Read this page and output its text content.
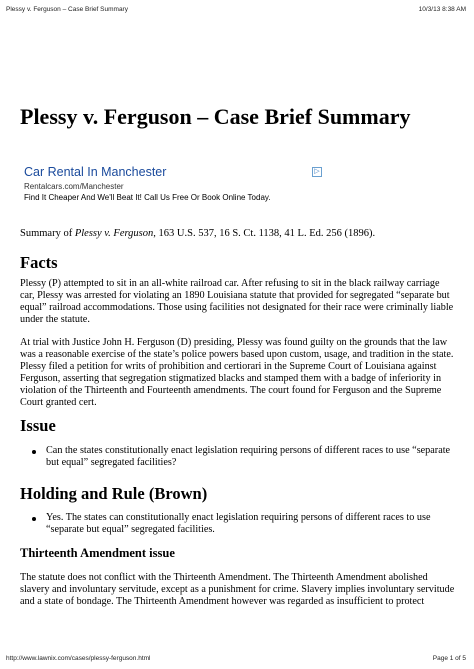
Plessy v. Ferguson – Case Brief Summary	10/3/13 8:38 AM
Plessy v. Ferguson – Case Brief Summary
Car Rental In Manchester
Rentalcars.com/Manchester
Find It Cheaper And We'll Beat It! Call Us Free Or Book Online Today.
▷
Summary of Plessy v. Ferguson, 163 U.S. 537, 16 S. Ct. 1138, 41 L. Ed. 256 (1896).
Facts
Plessy (P) attempted to sit in an all-white railroad car. After refusing to sit in the black railway carriage
car, Plessy was arrested for violating an 1890 Louisiana statute that provided for segregated “separate but
equal” railroad accommodations. Those using facilities not designated for their race were criminally liable
under the statute.
At trial with Justice John H. Ferguson (D) presiding, Plessy was found guilty on the grounds that the law
was a reasonable exercise of the state’s police powers based upon custom, usage, and tradition in the state.
Plessy filed a petition for writs of prohibition and certiorari in the Supreme Court of Louisiana against
Ferguson, asserting that segregation stigmatized blacks and stamped them with a badge of inferiority in
violation of the Thirteenth and Fourteenth amendments. The court found for Ferguson and the Supreme
Court granted cert.
Issue
Can the states constitutionally enact legislation requiring persons of different races to use “separate
but equal” segregated facilities?
Holding and Rule (Brown)
Yes. The states can constitutionally enact legislation requiring persons of different races to use
“separate but equal” segregated facilities.
Thirteenth Amendment issue
The statute does not conflict with the Thirteenth Amendment. The Thirteenth Amendment abolished
slavery and involuntary servitude, except as a punishment for crime. Slavery implies involuntary servitude
and a state of bondage. The Thirteenth Amendment however was regarded as insufficient to protect
http://www.lawnix.com/cases/plessy-ferguson.html	Page 1 of 5
